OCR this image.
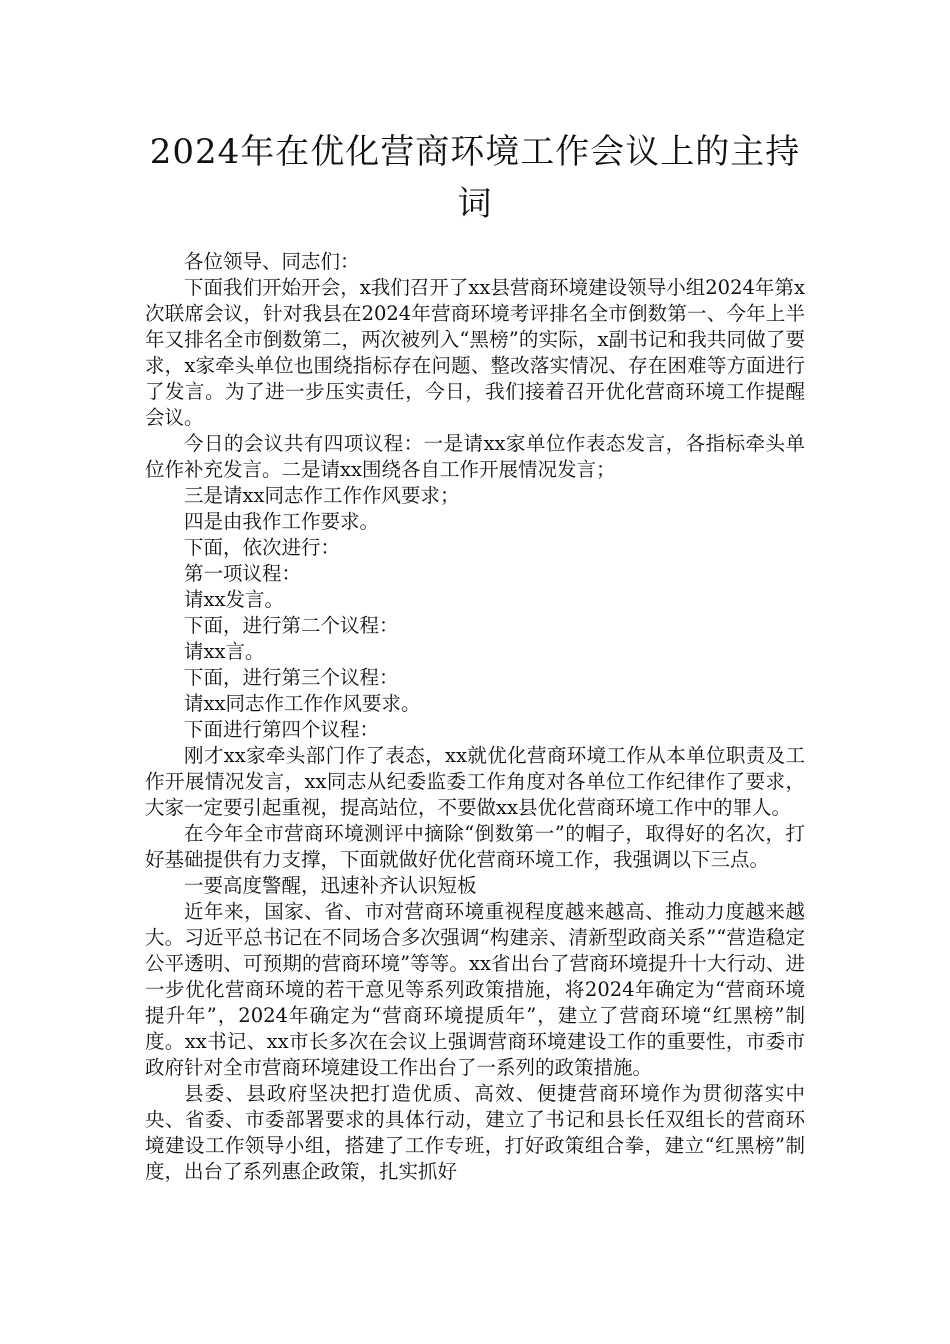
2024年在优化营商环境工作会议上的主持词

各位领导、同志们：

下面我们开始开会，x我们召开了xx县营商环境建设领导小组2024年第x次联席会议，针对我县在2024年营商环境考评排名全市倒数第一、今年上半年又排名全市倒数第二，两次被列入“黑榜”的实际，x副书记和我共同做了要求，x家牵头单位也围绕指标存在问题、整改落实情况、存在困难等方面进行了发言。为了进一步压实责任，今日，我们接着召开优化营商环境工作提醒会议。

今日的会议共有四项议程：一是请xx家单位作表态发言，各指标牵头单位作补充发言。二是请xx围绕各自工作开展情况发言；

三是请xx同志作工作作风要求；

四是由我作工作要求。

下面，依次进行：

第一项议程：

请xx发言。

下面，进行第二个议程：

请xx言。

下面，进行第三个议程：

请xx同志作工作作风要求。

下面进行第四个议程：

刚才xx家牵头部门作了表态，xx就优化营商环境工作从本单位职责及工作开展情况发言，xx同志从纪委监委工作角度对各单位工作纪律作了要求，大家一定要引起重视，提高站位，不要做xx县优化营商环境工作中的罪人。

在今年全市营商环境测评中摘除“倒数第一”的帽子，取得好的名次，打好基础提供有力支撑，下面就做好优化营商环境工作，我强调以下三点。

一要高度警醒，迅速补齐认识短板

近年来，国家、省、市对营商环境重视程度越来越高、推动力度越来越大。习近平总书记在不同场合多次强调“构建亲、清新型政商关系”“营造稳定公平透明、可预期的营商环境”等等。xx省出台了营商环境提升十大行动、进一步优化营商环境的若干意见等系列政策措施，将2024年确定为“营商环境提升年”，2024年确定为“营商环境提质年”，建立了营商环境“红黑榜”制度。xx书记、xx市长多次在会议上强调营商环境建设工作的重要性，市委市政府针对全市营商环境建设工作出台了一系列的政策措施。

县委、县政府坚决把打造优质、高效、便捷营商环境作为贯彻落实中央、省委、市委部署要求的具体行动，建立了书记和县长任双组长的营商环境建设工作领导小组，搭建了工作专班，打好政策组合拳，建立“红黑榜”制度，出台了系列惠企政策，扎实抓好
